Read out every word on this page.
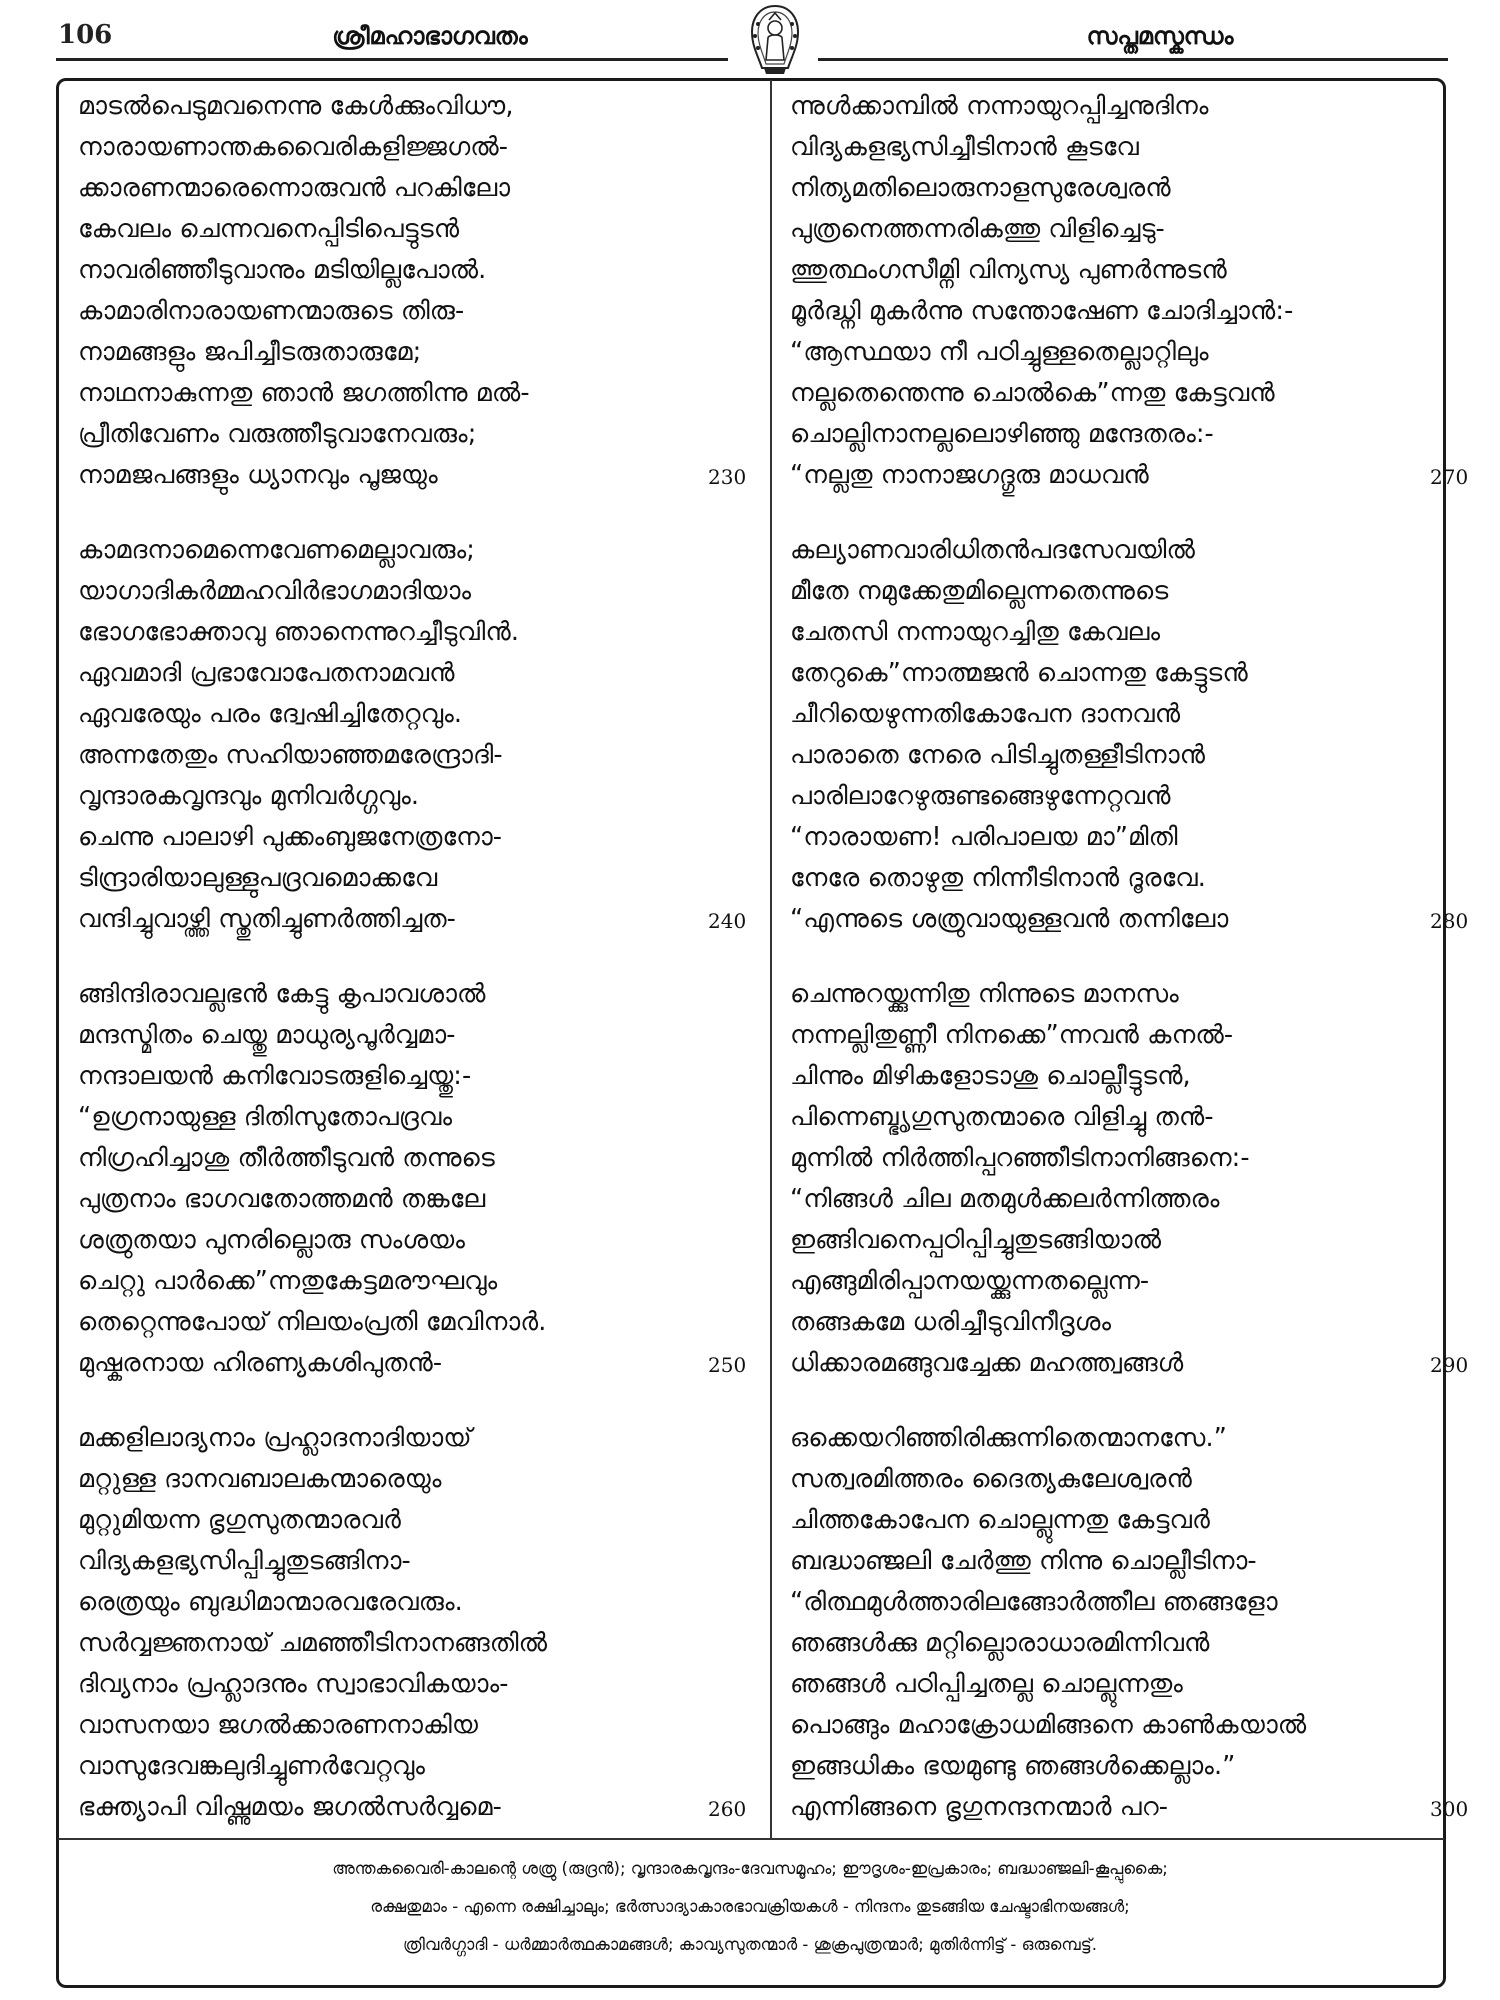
106	ശ്രീമഹാഭാഗവതം	സപ്തമസ്കന്ധം
മാടൽപെടുമവനെന്നു കേൾക്കുംവിധൗ,
നാരായണാന്തകവൈരികളിജ്ജഗൽ-
ക്കാരണന്മാരെന്നൊരുവൻ പറകിലോ
കേവലം ചെന്നവനെപ്പിടിപെട്ടുടൻ
നാവരിഞ്ഞീടുവാനും മടിയില്ലപോൽ.
കാമാരിനാരായണന്മാരുടെ തിരു-
നാമങ്ങളും ജപിച്ചീടരുതാരുമേ;
നാഥനാകുന്നതു ഞാൻ ജഗത്തിന്നു മൽ-
പ്രീതിവേണം വരുത്തീടുവാനേവരും;
നാമജപങ്ങളും ധ്യാനവും പൂജയും	230
കാമദനാമെന്നെവേണമെല്ലാവരും;
യാഗാദികർമ്മഹവിർഭാഗമാദിയാം
ഭോഗഭോക്താവു ഞാനെന്നുറച്ചീടുവിൻ.
ഏവമാദി പ്രഭാവോപേതനാമവൻ
ഏവരേയും പരം ദ്വേഷിച്ചിതേറ്റവും.
അന്നതേതും സഹിയാഞ്ഞമരേന്ദ്രാദി-
വൃന്ദാരകവൃന്ദവും മുനിവർഗ്ഗവും.
ചെന്നു പാലാഴി പുക്കംബുജനേത്രനോ-
ടിന്ദ്രാരിയാലുള്ളുപദ്രവമൊക്കവേ
വന്ദിച്ചുവാഴ്ത്തി സ്തുതിച്ചുണർത്തിച്ചത-	240
ങ്ങിന്ദിരാവല്ലഭൻ കേട്ടു കൃപാവശാൽ
മന്ദസ്മിതം ചെയ്തു മാധുര്യപൂർവ്വമാ-
നന്ദാലയൻ കനിവോടരുളിച്ചെയ്തു:-
“ഉഗ്രനായുള്ള ദിതിസുതോപദ്രവം
നിഗ്രഹിച്ചാശു തീർത്തീടുവൻ തന്നുടെ
പുത്രനാം ഭാഗവതോത്തമൻ തങ്കലേ
ശത്രുതയാ പുനരില്ലൊരു സംശയം
ചെറ്റു പാർക്കെ”ന്നതുകേട്ടമരൗഘവും
തെറ്റെന്നുപോയ് നിലയംപ്രതി മേവിനാർ.
മുഷ്കരനായ ഹിരണ്യകശിപുതൻ-	250
മക്കളിലാദ്യനാം പ്രഹ്ലാദനാദിയായ്
മറ്റുള്ള ദാനവബാലകന്മാരെയും
മുറ്റുമിയന്ന ഭൃഗുസുതന്മാരവർ
വിദ്യകളഭ്യസിപ്പിച്ചുതുടങ്ങിനാ-
രെത്രയും ബുദ്ധിമാന്മാരവരേവരും.
സർവ്വജ്ഞനായ് ചമഞ്ഞീടിനാനങ്ങതിൽ
ദിവ്യനാം പ്രഹ്ലാദനും സ്വാഭാവികയാം-
വാസനയാ ജഗൽക്കാരണനാകിയ
വാസുദേവങ്കലുദിച്ചുണർവേറ്റവും
ഭക്ത്യാപി വിഷ്ണുമയം ജഗൽസർവ്വമെ-	260
ന്നുൾക്കാമ്പിൽ നന്നായുറപ്പിച്ചനുദിനം
വിദ്യകളഭ്യസിച്ചീടിനാൻ കൂടവേ
നിത്യമതിലൊരുനാളസുരേശ്വരൻ
പുത്രനെത്തന്നരികത്തു വിളിച്ചെടു-
ത്തുത്ഥംഗസീമ്നി വിന്യസ്യ പുണർന്നുടൻ
മൂർദ്ധ്നി മുകർന്നു സന്തോഷേണ ചോദിച്ചാൻ:-
“ആസ്ഥയാ നീ പഠിച്ചുള്ളതെല്ലാറ്റിലും
നല്ലതെന്തെന്നു ചൊൽകെ”ന്നതു കേട്ടവൻ
ചൊല്ലിനാനല്ലലൊഴിഞ്ഞു മന്ദേതരം:-
“നല്ലതു നാനാജഗദ്ഗുരു മാധവൻ	270
കല്യാണവാരിധിതൻപദസേവയിൽ
മീതേ നമുക്കേതുമില്ലെന്നതെന്നുടെ
ചേതസി നന്നായുറച്ചിതു കേവലം
തേറുകെ”ന്നാത്മജൻ ചൊന്നതു കേട്ടുടൻ
ചീറിയെഴുന്നതികോപേന ദാനവൻ
പാരാതെ നേരെ പിടിച്ചുതള്ളീടിനാൻ
പാരിലാറേഴുരുണ്ടങ്ങെഴുന്നേറ്റവൻ
“നാരായണ! പരിപാലയ മാ”മിതി
നേരേ തൊഴുതു നിന്നീടിനാൻ ദൂരവേ.
“എന്നുടെ ശത്രുവായുള്ളവൻ തന്നിലോ	280
ചെന്നുറയ്ക്കുന്നിതു നിന്നുടെ മാനസം
നന്നല്ലിതുണ്ണീ നിനക്കെ”ന്നവൻ കനൽ-
ചിന്നും മിഴികളോടാശു ചൊല്ലീട്ടുടൻ,
പിന്നെബ്ഭൃഗുസുതന്മാരെ വിളിച്ചു തൻ-
മുന്നിൽ നിർത്തിപ്പറഞ്ഞീടിനാനിങ്ങനെ:-
“നിങ്ങൾ ചില മതമുൾക്കലർന്നിത്തരം
ഇങ്ങിവനെപ്പഠിപ്പിച്ചുതുടങ്ങിയാൽ
എങ്ങുമിരിപ്പാനയയ്ക്കുന്നതല്ലെന്ന-
തങ്ങകമേ ധരിച്ചീടുവിനീദൃശം
ധിക്കാരമങ്ങുവച്ചേക്ക മഹത്ത്വങ്ങൾ	290
ഒക്കെയറിഞ്ഞിരിക്കുന്നിതെന്മാനസേ.”
സത്വരമിത്തരം ദൈത്യകുലേശ്വരൻ
ചിത്തകോപേന ചൊല്ലുന്നതു കേട്ടവർ
ബദ്ധാഞ്ജലി ചേർത്തു നിന്നു ചൊല്ലീടിനാ-
“രിത്ഥമുൾത്താരിലങ്ങോർത്തീല ഞങ്ങളോ
ഞങ്ങൾക്കു മറ്റില്ലൊരാധാരമിന്നിവൻ
ഞങ്ങൾ പഠിപ്പിച്ചതല്ല ചൊല്ലുന്നതും
പൊങ്ങും മഹാക്രോധമിങ്ങനെ കാൺകയാൽ
ഇങ്ങധികം ഭയമുണ്ടു ഞങ്ങൾക്കെല്ലാം.”
എന്നിങ്ങനെ ഭൃഗുനന്ദനന്മാർ പറ-	300
അന്തകവൈരി-കാലന്റെ ശത്രു (രുദ്രൻ); വൃന്ദാരകവൃന്ദം-ദേവസമൂഹം; ഈദൃശം-ഇപ്രകാരം; ബദ്ധാഞ്ജലി-കൂപ്പുകൈ;
രക്ഷതുമാം - എന്നെ രക്ഷിച്ചാലും; ഭർത്സാദ്യാകാരഭാവക്രിയകൾ - നിന്ദനം തുടങ്ങിയ ചേഷ്ടാഭിനയങ്ങൾ;
ത്രിവർഗ്ഗാദി - ധർമ്മാർത്ഥകാമങ്ങൾ; കാവ്യസുതന്മാർ - ശുക്രപുത്രന്മാർ; മുതിർന്നിട്ട് - ഒരുമ്പെട്ട്.
